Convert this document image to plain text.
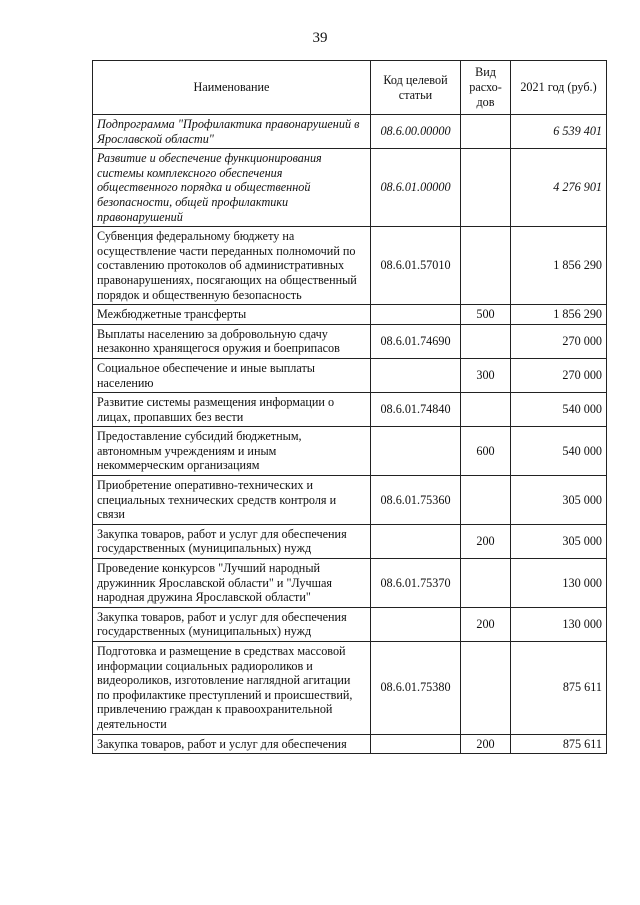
39
Наименование	Код целевой статьи	Вид расхо-дов	2021 год (руб.)
Подпрограмма "Профилактика правонарушений в Ярославской области"	08.6.00.00000		6 539 401
Развитие и обеспечение функционирования системы комплексного обеспечения общественного порядка и общественной безопасности, общей профилактики правонарушений	08.6.01.00000		4 276 901
Субвенция федеральному бюджету на осуществление части переданных полномочий по составлению протоколов об административных правонарушениях, посягающих на общественный порядок и общественную безопасность	08.6.01.57010		1 856 290
Межбюджетные трансферты		500	1 856 290
Выплаты населению за добровольную сдачу незаконно хранящегося оружия и боеприпасов	08.6.01.74690		270 000
Социальное обеспечение и иные выплаты населению		300	270 000
Развитие системы размещения информации о лицах, пропавших без вести	08.6.01.74840		540 000
Предоставление субсидий бюджетным, автономным учреждениям и иным некоммерческим организациям		600	540 000
Приобретение оперативно-технических и специальных технических средств контроля и связи	08.6.01.75360		305 000
Закупка товаров, работ и услуг для обеспечения государственных (муниципальных) нужд		200	305 000
Проведение конкурсов "Лучший народный дружинник Ярославской области" и "Лучшая народная дружина Ярославской области"	08.6.01.75370		130 000
Закупка товаров, работ и услуг для обеспечения государственных (муниципальных) нужд		200	130 000
Подготовка и размещение в средствах массовой информации социальных радиороликов и видеороликов, изготовление наглядной агитации по профилактике преступлений и происшествий, привлечению граждан к правоохранительной деятельности	08.6.01.75380		875 611
Закупка товаров, работ и услуг для обеспечения		200	875 611
